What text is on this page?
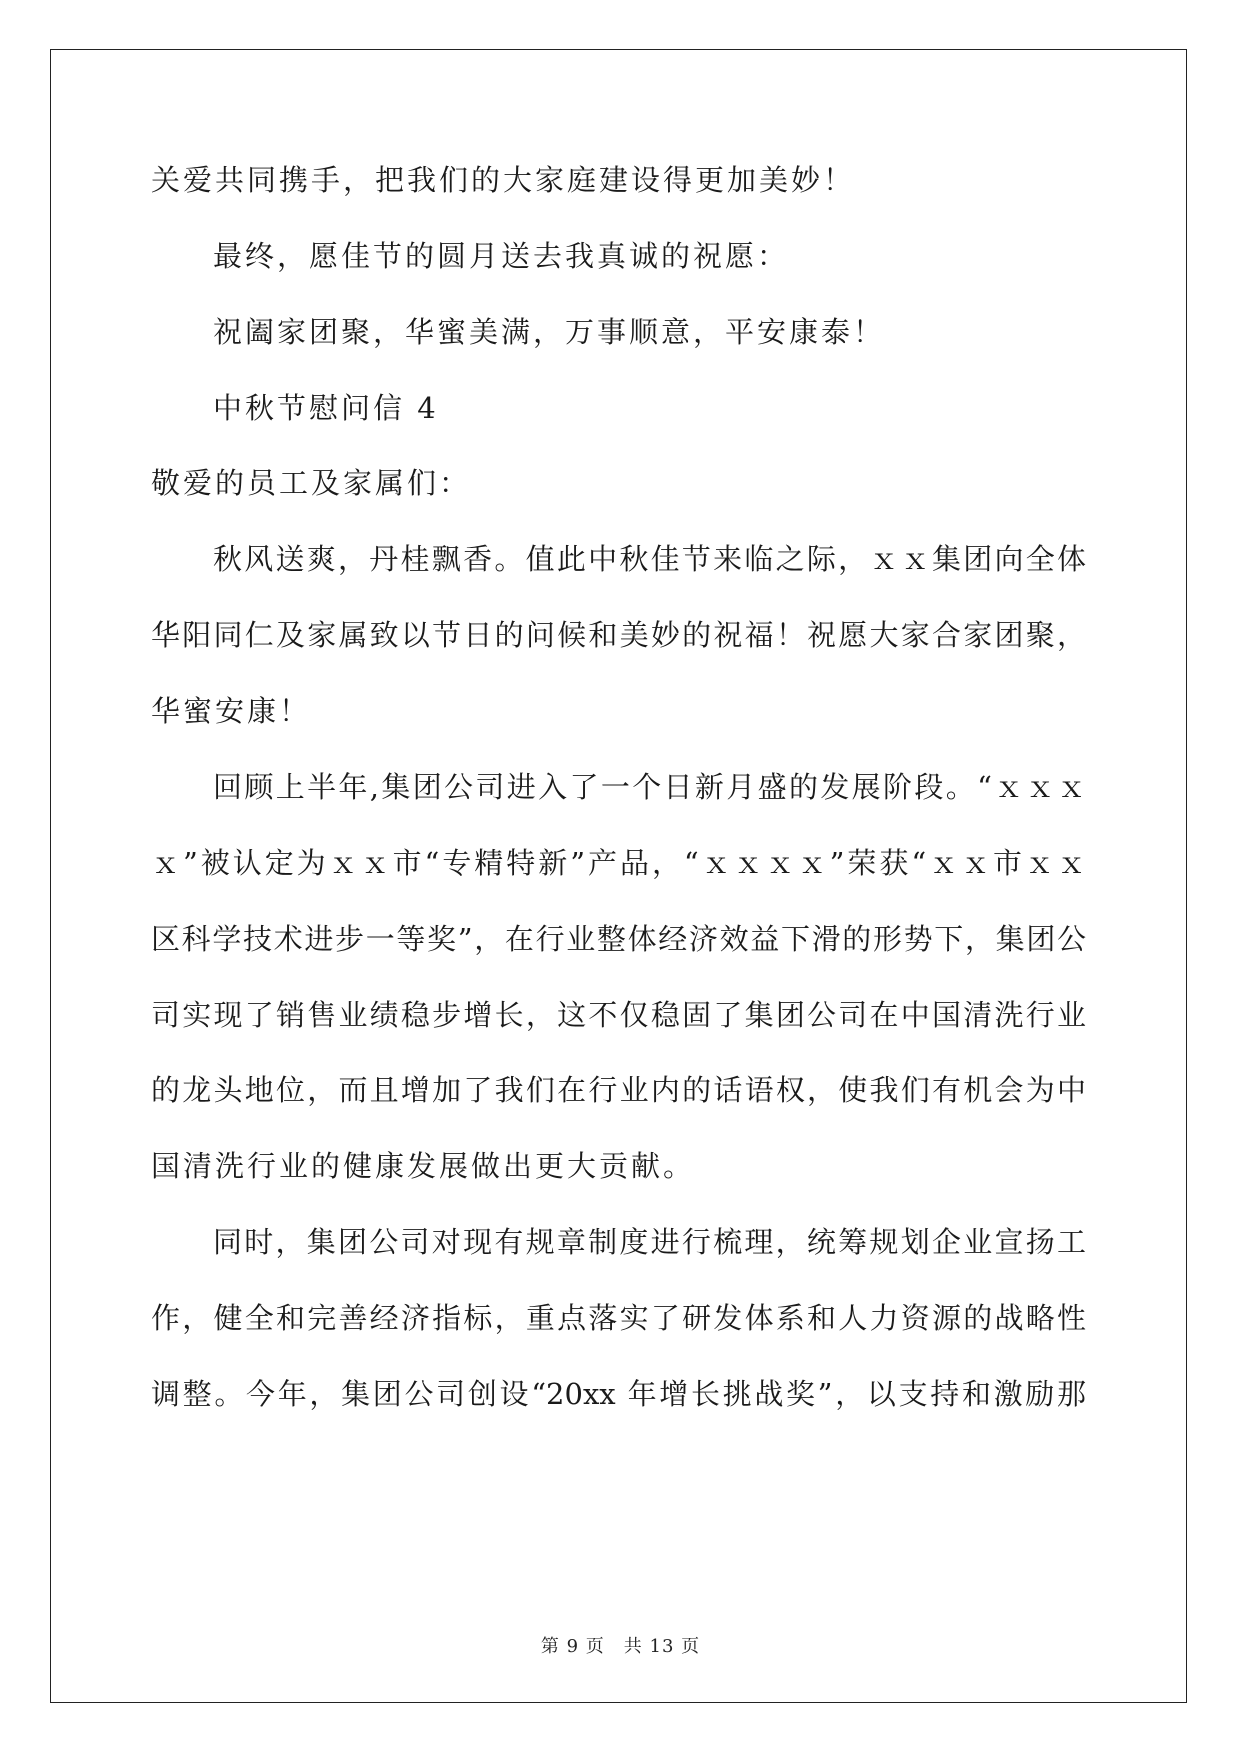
关爱共同携手，把我们的大家庭建设得更加美妙！
最终，愿佳节的圆月送去我真诚的祝愿：
祝阖家团聚，华蜜美满，万事顺意，平安康泰！
中秋节慰问信 4
敬爱的员工及家属们：
秋风送爽，丹桂飘香。值此中秋佳节来临之际，ｘｘ集团向全体
华阳同仁及家属致以节日的问候和美妙的祝福！祝愿大家合家团聚，
华蜜安康！
回顾上半年,集团公司进入了一个日新月盛的发展阶段。“ｘｘｘ
ｘ”被认定为ｘｘ市“专精特新”产品，“ｘｘｘｘ”荣获“ｘｘ市ｘｘ
区科学技术进步一等奖”，在行业整体经济效益下滑的形势下，集团公
司实现了销售业绩稳步增长，这不仅稳固了集团公司在中国清洗行业
的龙头地位，而且增加了我们在行业内的话语权，使我们有机会为中
国清洗行业的健康发展做出更大贡献。
同时，集团公司对现有规章制度进行梳理，统筹规划企业宣扬工
作，健全和完善经济指标，重点落实了研发体系和人力资源的战略性
调整。今年，集团公司创设“20xx 年增长挑战奖”，以支持和激励那
第 9 页　共 13 页
